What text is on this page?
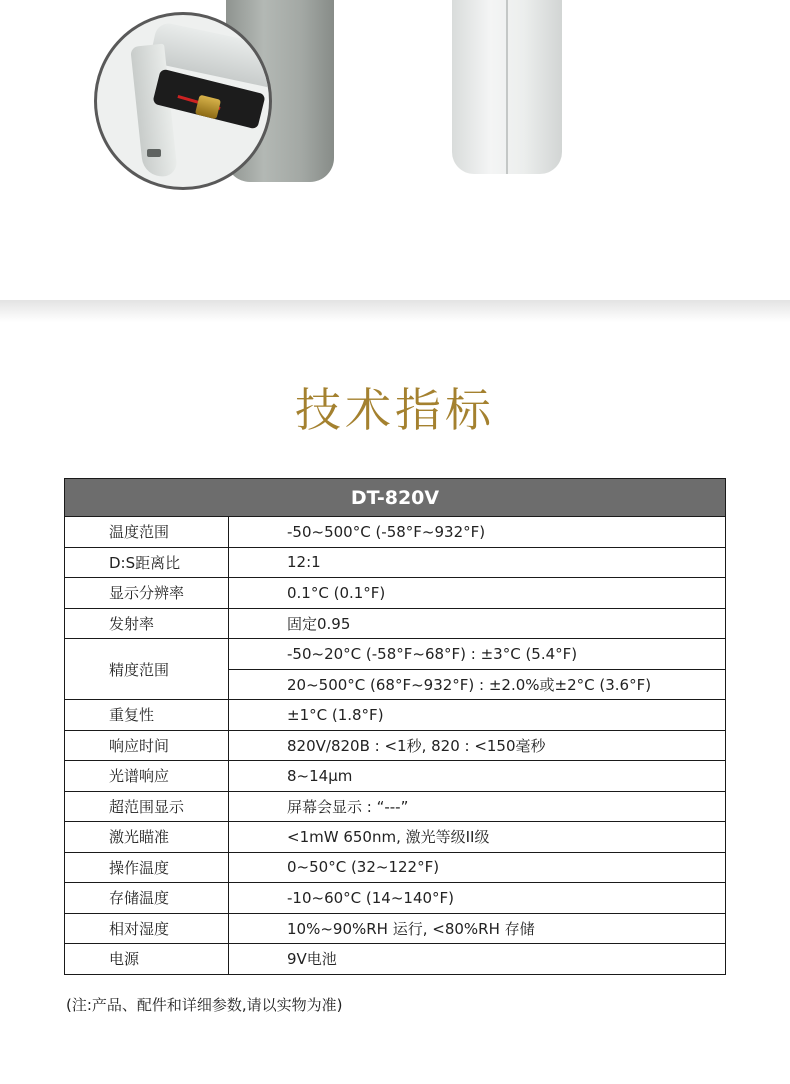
技术指标
DT-820V	
温度范围	-50~500°C (-58°F~932°F)
D:S距离比	12:1
显示分辨率	0.1°C (0.1°F)
发射率	固定0.95
精度范围	-50~20°C (-58°F~68°F) : ±3°C (5.4°F)
	20~500°C (68°F~932°F) : ±2.0%或±2°C (3.6°F)
重复性	±1°C (1.8°F)
响应时间	820V/820B : <1秒, 820 : <150毫秒
光谱响应	8~14µm
超范围显示	屏幕会显示 : “---”
激光瞄准	<1mW 650nm, 激光等级II级
操作温度	0~50°C (32~122°F)
存储温度	-10~60°C (14~140°F)
相对湿度	10%~90%RH 运行, <80%RH 存储
电源	9V电池
(注:产品、配件和详细参数,请以实物为准)
